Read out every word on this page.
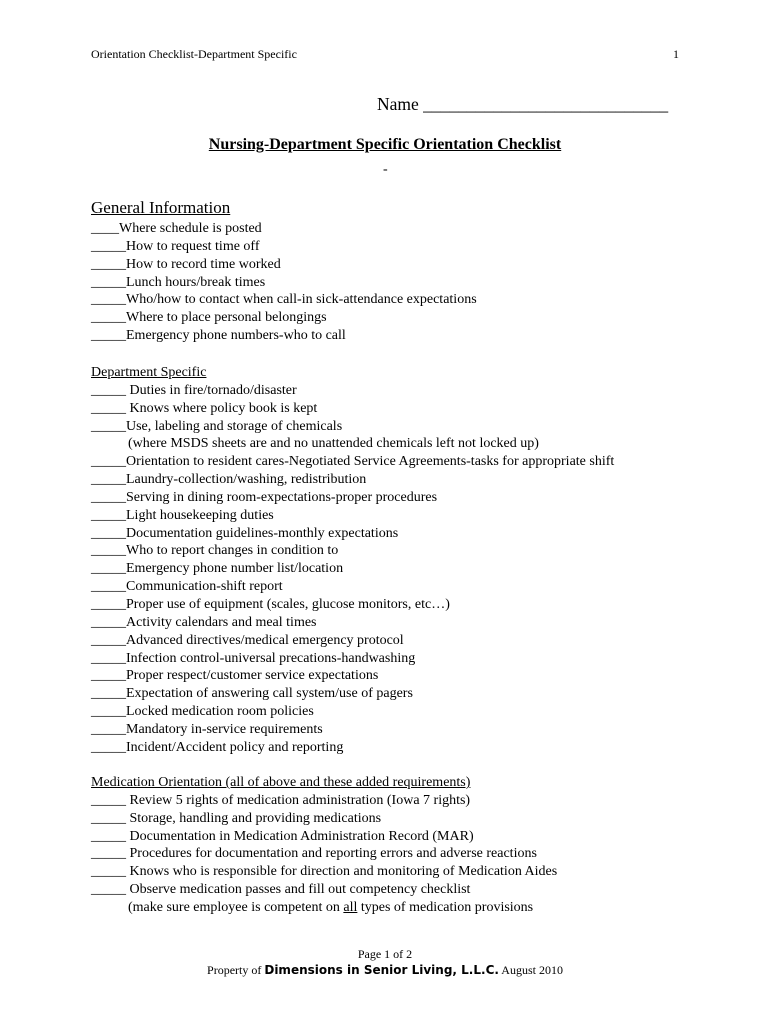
Orientation Checklist-Department Specific	1
Name ____________________________
Nursing-Department Specific Orientation Checklist
-
General Information
____Where schedule is posted
_____How to request time off
_____How to record time worked
_____Lunch hours/break times
_____Who/how to contact when call-in sick-attendance expectations
_____Where to place personal belongings
_____Emergency phone numbers-who to call
Department Specific
_____ Duties in fire/tornado/disaster
_____ Knows where policy book is kept
_____Use, labeling and storage of chemicals
(where MSDS sheets are and no unattended chemicals left not locked up)
_____Orientation to resident cares-Negotiated Service Agreements-tasks for appropriate shift
_____Laundry-collection/washing, redistribution
_____Serving in dining room-expectations-proper procedures
_____Light housekeeping duties
_____Documentation guidelines-monthly expectations
_____Who to report changes in condition to
_____Emergency phone number list/location
_____Communication-shift report
_____Proper use of equipment (scales, glucose monitors, etc…)
_____Activity calendars and meal times
_____Advanced directives/medical emergency protocol
_____Infection control-universal precations-handwashing
_____Proper respect/customer service expectations
_____Expectation of answering call system/use of pagers
_____Locked medication room policies
_____Mandatory in-service requirements
_____Incident/Accident policy and reporting
Medication Orientation (all of above and these added requirements)
_____ Review 5 rights of medication administration (Iowa 7 rights)
_____ Storage, handling and providing medications
_____ Documentation in Medication Administration Record (MAR)
_____ Procedures for documentation and reporting errors and adverse reactions
_____ Knows who is responsible for direction and monitoring of Medication Aides
_____ Observe medication passes and fill out competency checklist
(make sure employee is competent on all types of medication provisions
Page 1 of 2
Property of Dimensions in Senior Living, L.L.C. August 2010
